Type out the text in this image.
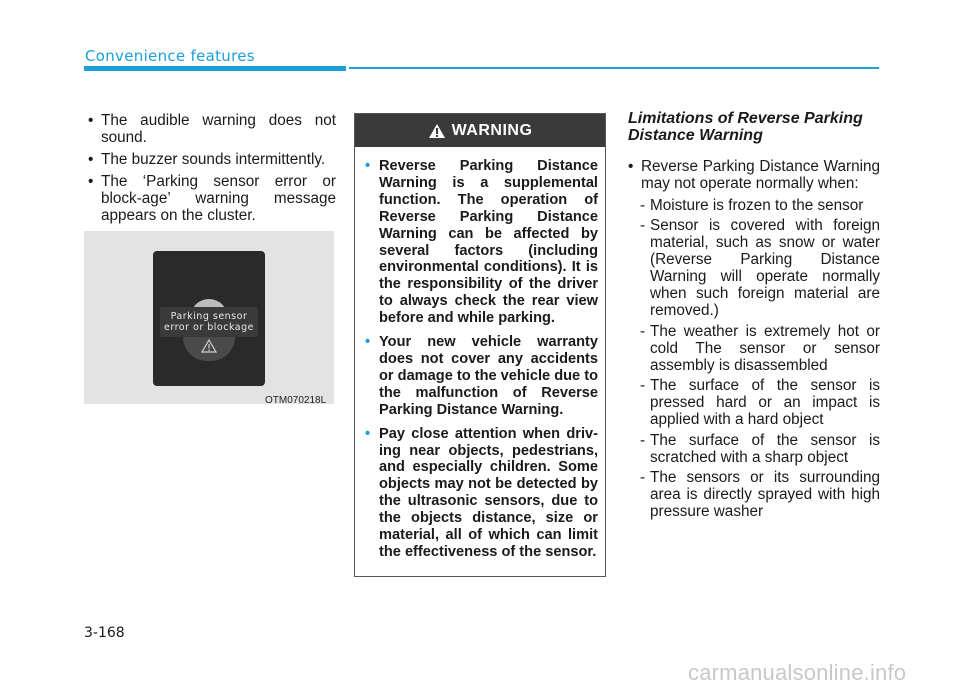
Convenience features
• The audible warning does not sound.
• The buzzer sounds intermittently.
• The ‘Parking sensor error or block-age’ warning message appears on the cluster.
Parking sensor
error or blockage
OTM070218L
WARNING
• Reverse Parking Distance Warning is a supplemental function. The operation of Reverse Parking Distance Warning can be affected by several factors (including environmental conditions). It is the responsibility of the driver to always check the rear view before and while parking.
• Your new vehicle warranty does not cover any accidents or damage to the vehicle due to the malfunction of Reverse Parking Distance Warning.
• Pay close attention when driv-ing near objects, pedestrians, and especially children. Some objects may not be detected by the ultrasonic sensors, due to the objects distance, size or material, all of which can limit the effectiveness of the sensor.
Limitations of Reverse Parking
Distance Warning
• Reverse Parking Distance Warning may not operate normally when:
- Moisture is frozen to the sensor
- Sensor is covered with foreign material, such as snow or water (Reverse Parking Distance Warning will operate normally when such foreign material are removed.)
- The weather is extremely hot or cold The sensor or sensor assembly is disassembled
- The surface of the sensor is pressed hard or an impact is applied with a hard object
- The surface of the sensor is scratched with a sharp object
- The sensors or its surrounding area is directly sprayed with high pressure washer
3-168
carmanualsonline.info
